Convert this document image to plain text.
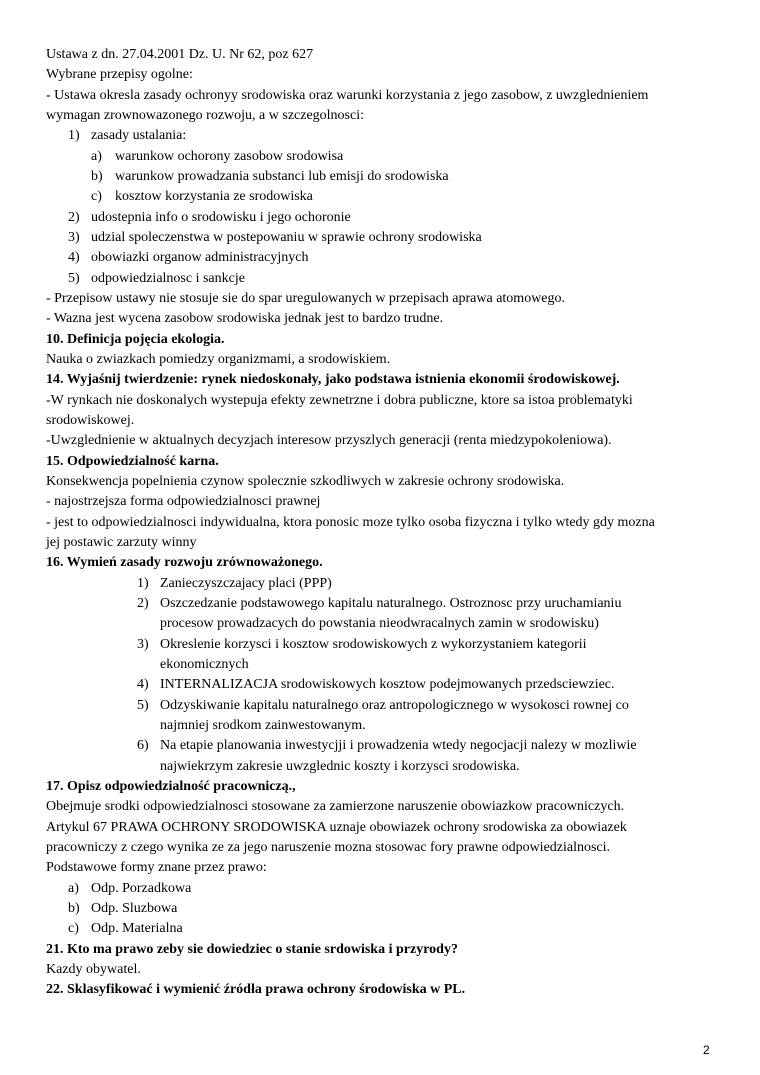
Ustawa z dn. 27.04.2001 Dz. U. Nr 62, poz 627
Wybrane przepisy ogolne:
- Ustawa okresla zasady ochronyy srodowiska oraz warunki korzystania z jego zasobow, z uwzglednieniem
wymagan zrownowazonego rozwoju, a w szczegolnosci:
1) zasady ustalania:
a) warunkow ochorony zasobow srodowisa
b) warunkow prowadzania substanci lub emisji do srodowiska
c) kosztow korzystania ze srodowiska
2) udostepnia info o srodowisku i jego ochoronie
3) udzial spoleczenstwa w postepowaniu w sprawie ochrony srodowiska
4) obowiazki organow administracyjnych
5) odpowiedzialnosc i sankcje
- Przepisow ustawy nie stosuje sie do spar uregulowanych w przepisach aprawa atomowego.
- Wazna jest wycena zasobow srodowiska jednak jest to bardzo trudne.
10. Definicja pojęcia ekologia.
Nauka o zwiazkach pomiedzy organizmami, a srodowiskiem.
14. Wyjaśnij twierdzenie: rynek niedoskonały, jako podstawa istnienia ekonomii środowiskowej.
-W rynkach nie doskonalych wystepuja efekty zewnetrzne i dobra publiczne, ktore sa istoa problematyki
srodowiskowej.
-Uwzglednienie w aktualnych decyzjach interesow przyszlych generacji (renta miedzypokoleniowa).
15. Odpowiedzialność karna.
Konsekwencja popelnienia czynow spolecznie szkodliwych w zakresie ochrony srodowiska.
- najostrzejsza forma odpowiedzialnosci prawnej
- jest to odpowiedzialnosci indywidualna, ktora ponosic moze tylko osoba fizyczna i tylko wtedy gdy mozna
jej postawic zarzuty winny
16. Wymień zasady rozwoju zrównoważonego.
1) Zanieczyszczajacy placi (PPP)
2) Oszczedzanie podstawowego kapitalu naturalnego. Ostroznosc przy uruchamianiu
procesow prowadzacych do powstania nieodwracalnych zamin w srodowisku)
3) Okreslenie korzysci i kosztow srodowiskowych z wykorzystaniem kategorii
ekonomicznych
4) INTERNALIZACJA srodowiskowych kosztow podejmowanych przedsciewziec.
5) Odzyskiwanie kapitalu naturalnego oraz antropologicznego w wysokosci rownej co
najmniej srodkom zainwestowanym.
6) Na etapie planowania inwestycjji i prowadzenia wtedy negocjacji nalezy w mozliwie
najwiekrzym zakresie uwzglednic koszty i korzysci srodowiska.
17. Opisz odpowiedzialność pracowniczą.,
Obejmuje srodki odpowiedzialnosci stosowane za zamierzone naruszenie obowiazkow pracowniczych.
Artykul 67 PRAWA OCHRONY SRODOWISKA uznaje obowiazek ochrony srodowiska za obowiazek
pracowniczy z czego wynika ze za jego naruszenie mozna stosowac fory prawne odpowiedzialnosci.
Podstawowe formy znane przez prawo:
a) Odp. Porzadkowa
b) Odp. Sluzbowa
c) Odp. Materialna
21. Kto ma prawo zeby sie dowiedziec o stanie srdowiska i przyrody?
Kazdy obywatel.
22. Sklasyfikować i wymienić źródła prawa ochrony środowiska w PL.
2
